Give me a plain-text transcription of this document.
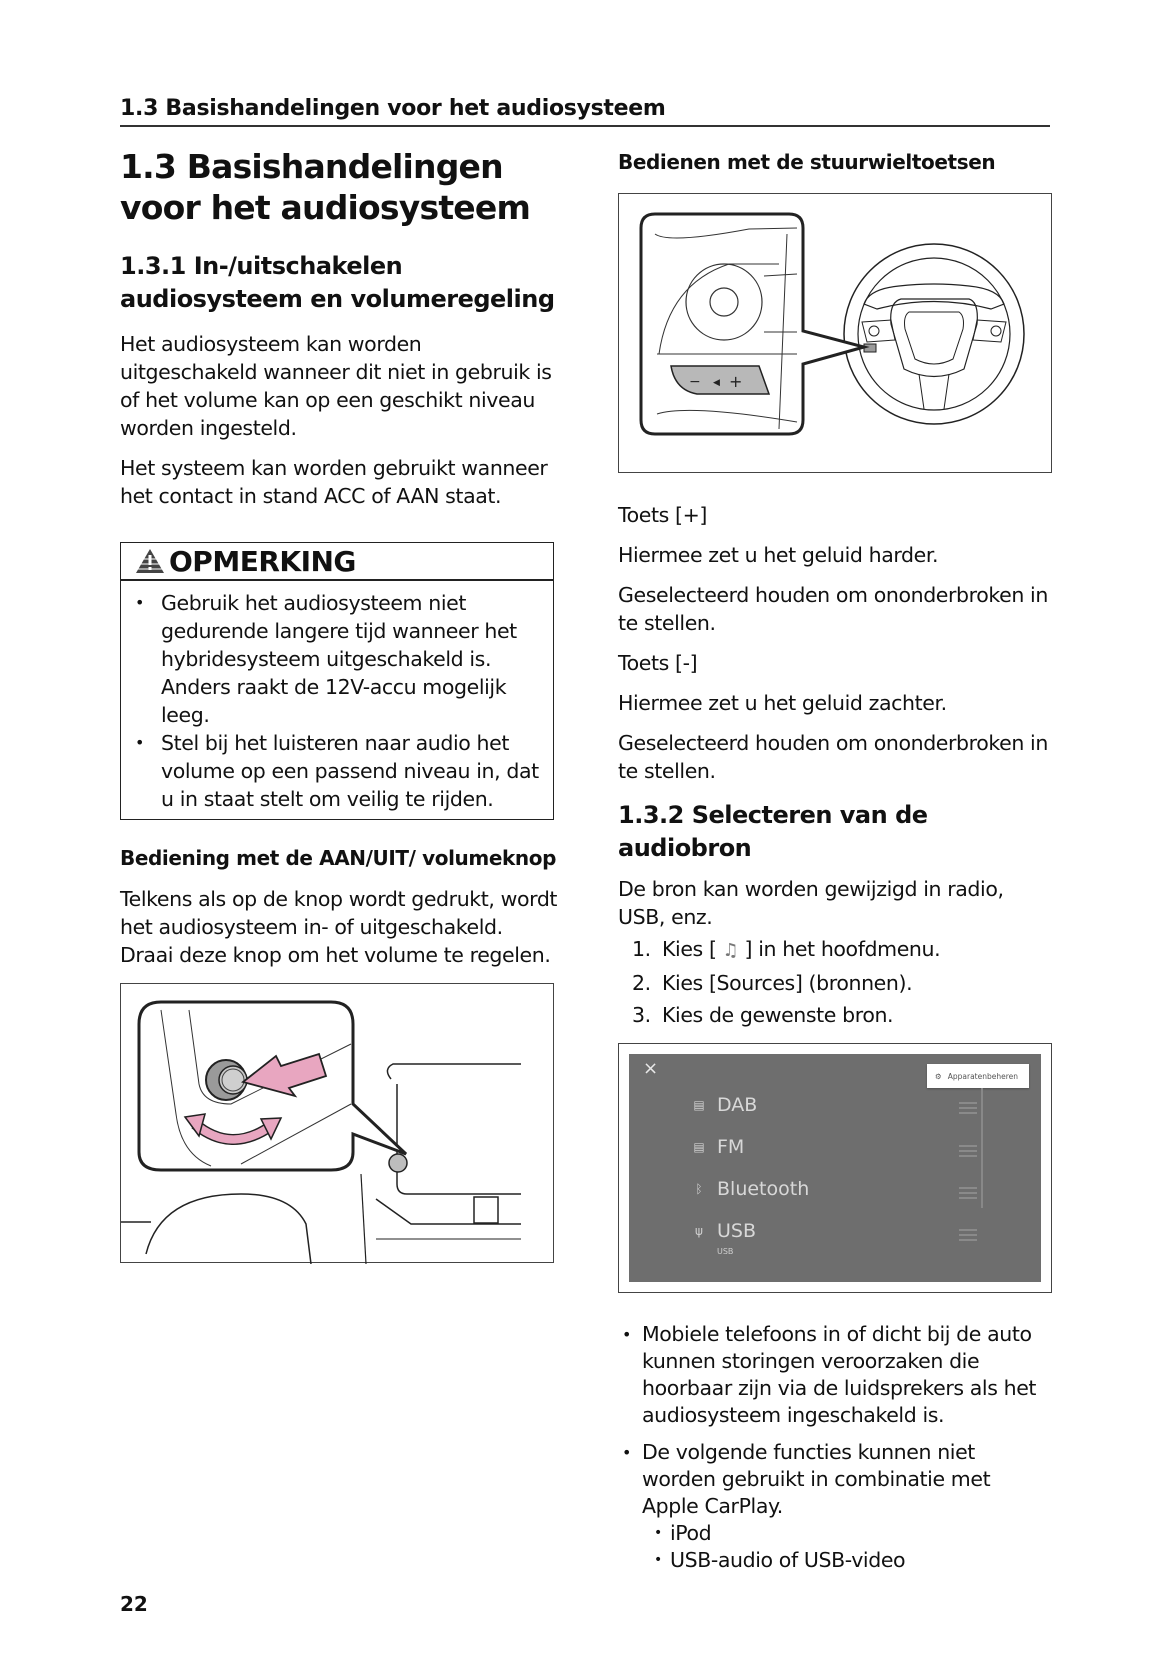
1.3 Basishandelingen voor het audiosysteem
1.3 Basishandelingen voor het audiosysteem
1.3.1 In-/uitschakelen audiosysteem en volumeregeling

Het audiosysteem kan worden uitgeschakeld wanneer dit niet in gebruik is of het volume kan op een geschikt niveau worden ingesteld.

Het systeem kan worden gebruikt wanneer het contact in stand ACC of AAN staat.

OPMERKING
• Gebruik het audiosysteem niet gedurende langere tijd wanneer het hybridesysteem uitgeschakeld is. Anders raakt de 12V-accu mogelijk leeg.
• Stel bij het luisteren naar audio het volume op een passend niveau in, dat u in staat stelt om veilig te rijden.
Bediening met de AAN/UIT/ volumeknop

Telkens als op de knop wordt gedrukt, wordt het audiosysteem in- of uitgeschakeld. Draai deze knop om het volume te regelen.

Bedienen met de stuurwieltoetsen
− ◀ +

Toets [+]

Hiermee zet u het geluid harder.

Geselecteerd houden om ononderbroken in te stellen.

Toets [-]

Hiermee zet u het geluid zachter.

Geselecteerd houden om ononderbroken in te stellen.

1.3.2 Selecteren van de audiobron

De bron kan worden gewijzigd in radio, USB, enz.

1. Kies [ ♫ ] in het hoofdmenu.
2. Kies [Sources] (bronnen).
3. Kies de gewenste bron.
×	⚙ Apparatenbeheren
▤ DAB
▤ FM
ᛒ Bluetooth
ψ USB
USB
• Mobiele telefoons in of dicht bij de auto kunnen storingen veroorzaken die hoorbaar zijn via de luidsprekers als het audiosysteem ingeschakeld is.
• De volgende functies kunnen niet worden gebruikt in combinatie met Apple CarPlay.
• iPod
• USB-audio of USB-video
22
